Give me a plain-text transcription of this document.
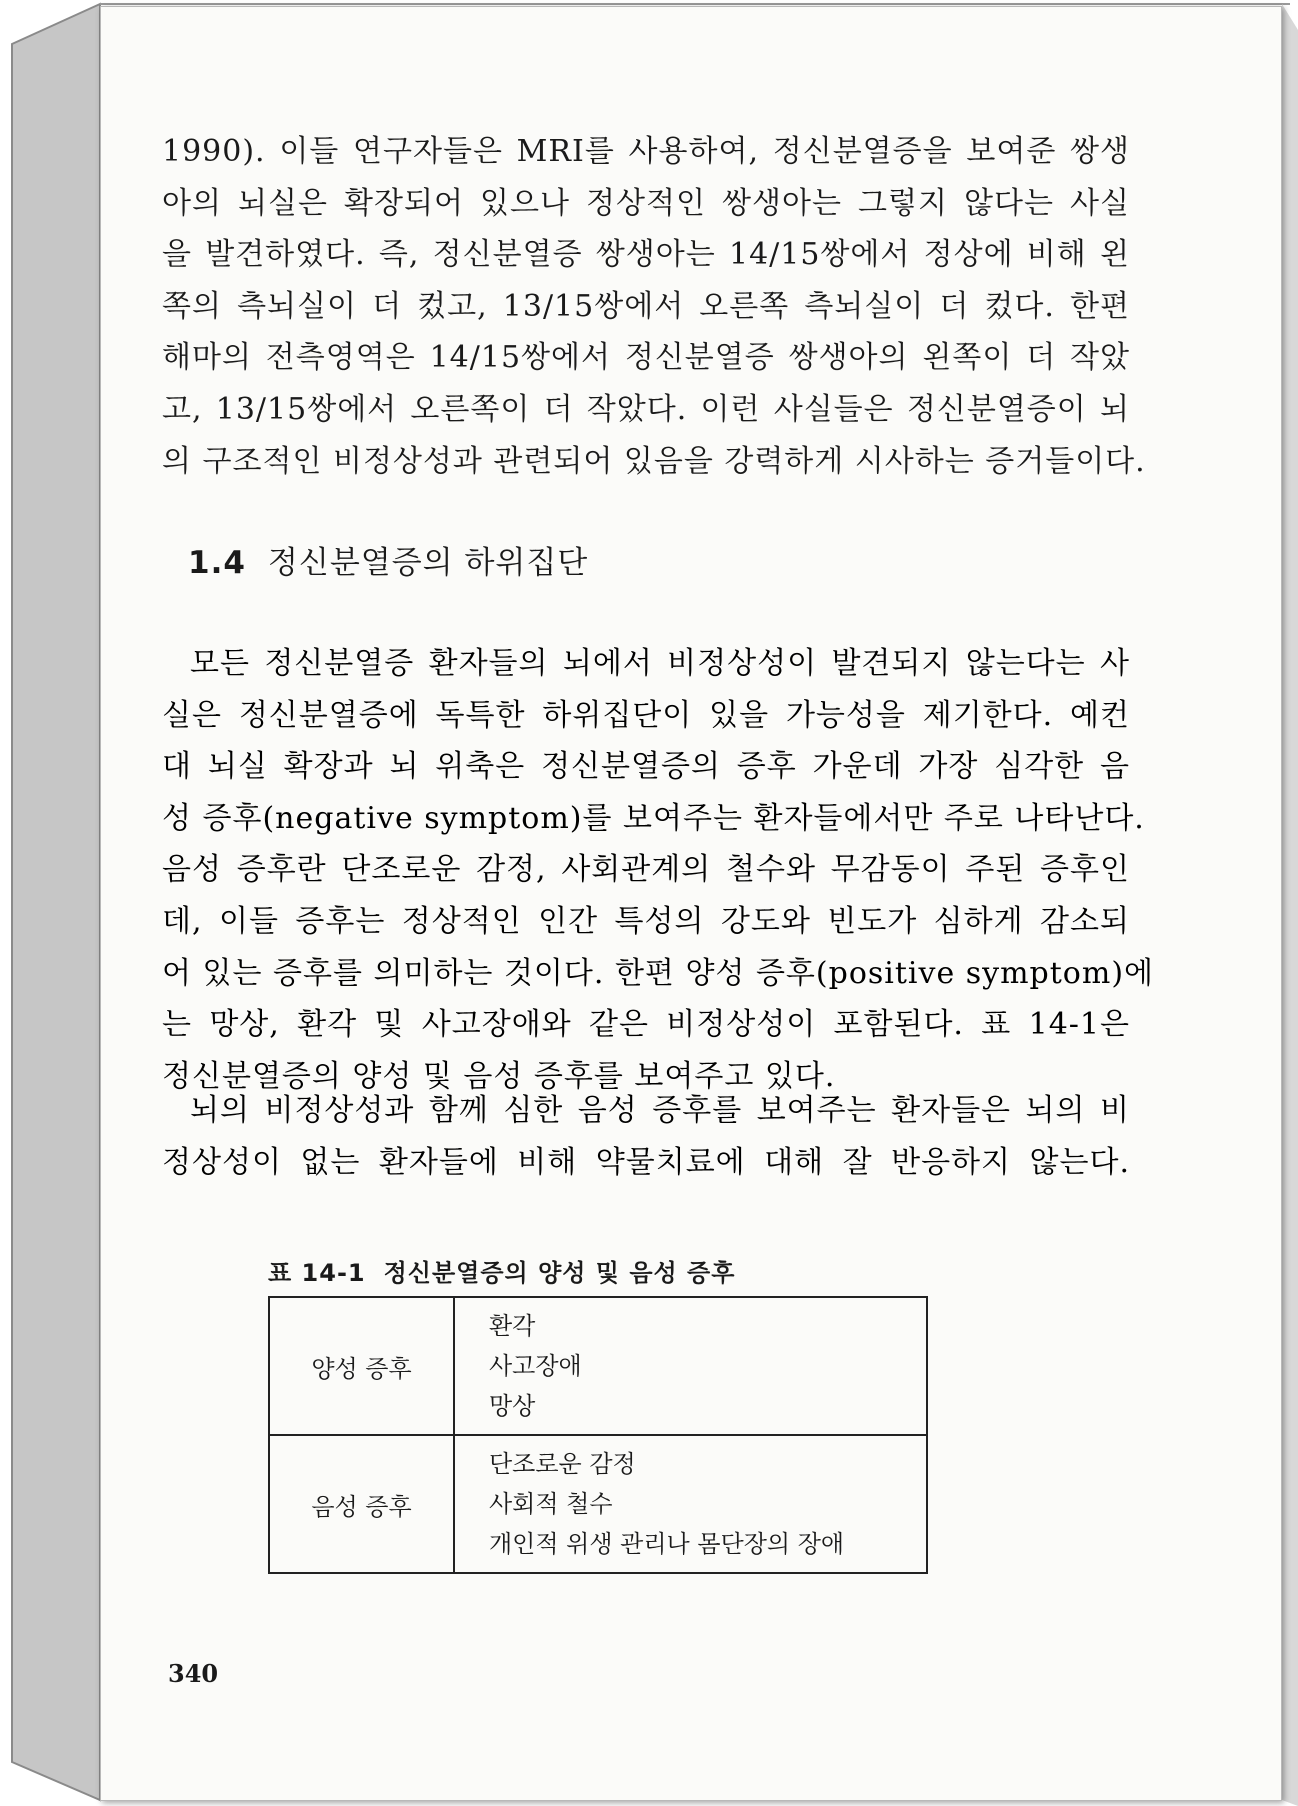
1990). 이들 연구자들은 MRI를 사용하여, 정신분열증을 보여준 쌍생
아의 뇌실은 확장되어 있으나 정상적인 쌍생아는 그렇지 않다는 사실
을 발견하였다. 즉, 정신분열증 쌍생아는 14/15쌍에서 정상에 비해 왼
쪽의 측뇌실이 더 컸고, 13/15쌍에서 오른쪽 측뇌실이 더 컸다. 한편
해마의 전측영역은 14/15쌍에서 정신분열증 쌍생아의 왼쪽이 더 작았
고, 13/15쌍에서 오른쪽이 더 작았다. 이런 사실들은 정신분열증이 뇌
의 구조적인 비정상성과 관련되어 있음을 강력하게 시사하는 증거들이다.

1.4 정신분열증의 하위집단

모든 정신분열증 환자들의 뇌에서 비정상성이 발견되지 않는다는 사
실은 정신분열증에 독특한 하위집단이 있을 가능성을 제기한다. 예컨
대 뇌실 확장과 뇌 위축은 정신분열증의 증후 가운데 가장 심각한 음
성 증후(negative symptom)를 보여주는 환자들에서만 주로 나타난다.
음성 증후란 단조로운 감정, 사회관계의 철수와 무감동이 주된 증후인
데, 이들 증후는 정상적인 인간 특성의 강도와 빈도가 심하게 감소되
어 있는 증후를 의미하는 것이다. 한편 양성 증후(positive symptom)에
는 망상, 환각 및 사고장애와 같은 비정상성이 포함된다. 표 14-1은
정신분열증의 양성 및 음성 증후를 보여주고 있다.

뇌의 비정상성과 함께 심한 음성 증후를 보여주는 환자들은 뇌의 비
정상성이 없는 환자들에 비해 약물치료에 대해 잘 반응하지 않는다.

표 14-1 정신분열증의 양성 및 음성 증후
양성 증후	환각
사고장애
망상

음성 증후	단조로운 감정
사회적 철수
개인적 위생 관리나 몸단장의 장애
340
